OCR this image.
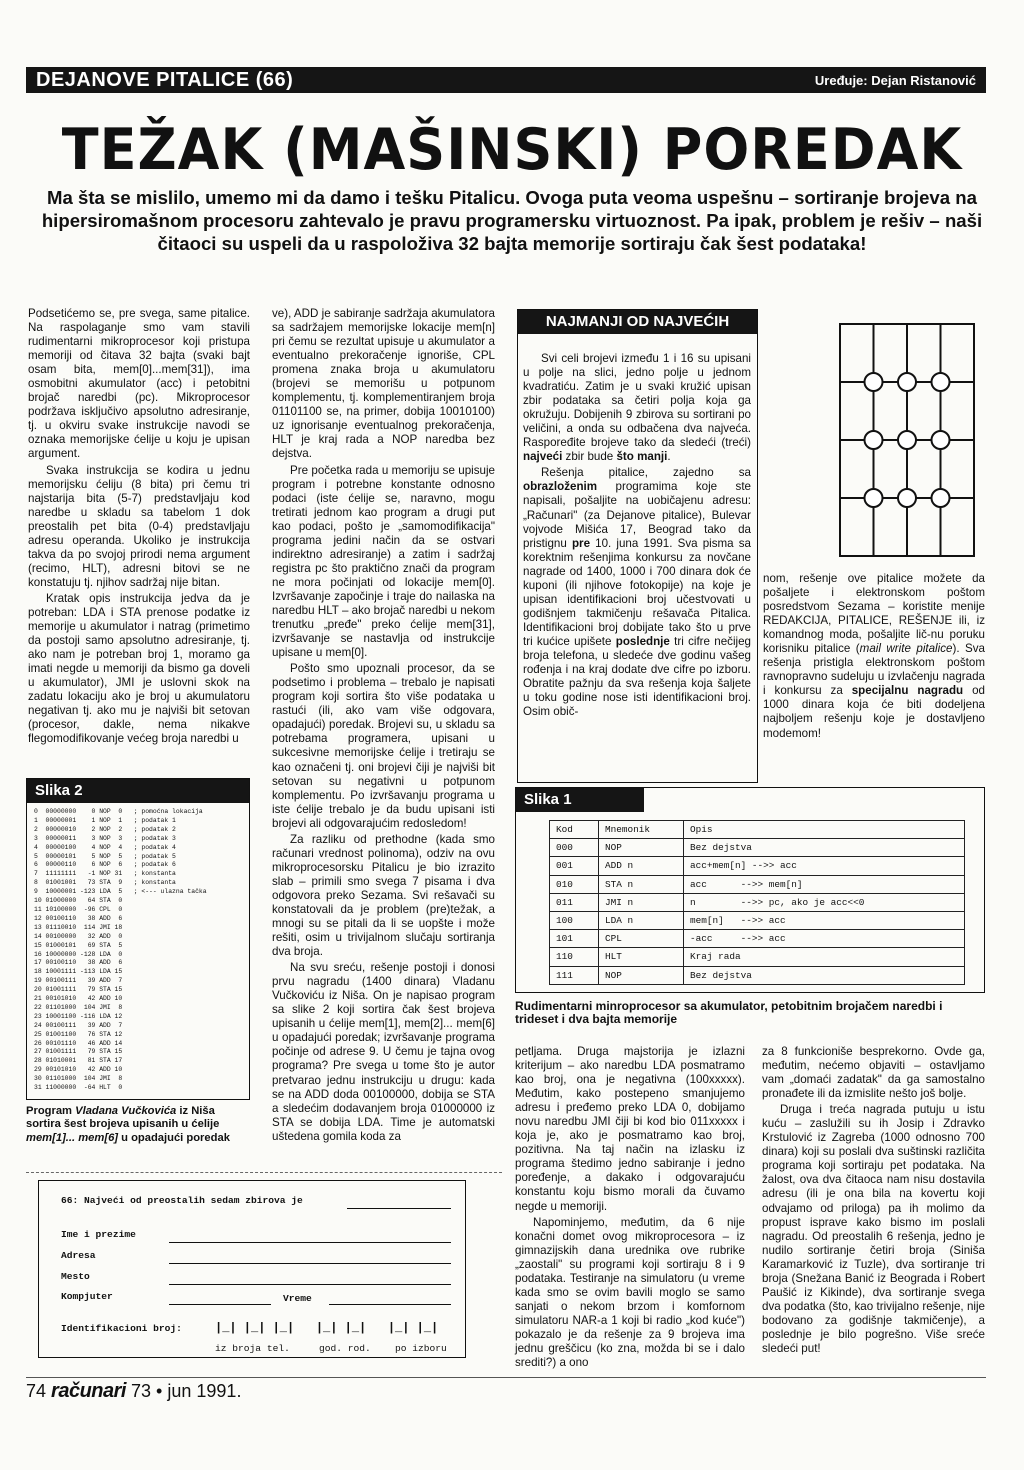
DEJANOVE PITALICE (66)	Uređuje: Dejan Ristanović
TEŽAK (MAŠINSKI) POREDAK
Ma šta se mislilo, umemo mi da damo i tešku Pitalicu. Ovoga puta veoma uspešnu – sortiranje brojeva na hipersiromašnom procesoru zahtevalo je pravu programersku virtuoznost. Pa ipak, problem je rešiv – naši čitaoci su uspeli da u raspoloživa 32 bajta memorije sortiraju čak šest podataka!

Podsetićemo se, pre svega, same pitalice. Na raspolaganje smo vam stavili rudimentarni mikroprocesor koji pristupa memoriji od čitava 32 bajta (svaki bajt osam bita, mem[0]...mem[31]), ima osmobitni akumulator (acc) i petobitni brojač naredbi (pc). Mikroprocesor podržava isključivo apsolutno adresiranje, tj. u okviru svake instrukcije navodi se oznaka memorijske ćelije u koju je upisan argument.

Svaka instrukcija se kodira u jednu memorijsku ćeliju (8 bita) pri čemu tri najstarija bita (5-7) predstavljaju kod naredbe u skladu sa tabelom 1 dok preostalih pet bita (0-4) predstavljaju adresu operanda. Ukoliko je instrukcija takva da po svojoj prirodi nema argument (recimo, HLT), adresni bitovi se ne konstatuju tj. njihov sadržaj nije bitan.

Kratak opis instrukcija jedva da je potreban: LDA i STA prenose podatke iz memorije u akumulator i natrag (primetimo da postoji samo apsolutno adresiranje, tj. ako nam je potreban broj 1, moramo ga imati negde u memoriji da bismo ga doveli u akumulator), JMI je uslovni skok na zadatu lokaciju ako je broj u akumulatoru negativan tj. ako mu je najviši bit setovan (procesor, dakle, nema nikakve flegomodifikovanje većeg broja naredbi u

Slika 2
0  00000000    0 NOP  0   ; pomoćna lokacija
1  00000001    1 NOP  1   ; podatak 1
2  00000010    2 NOP  2   ; podatak 2
3  00000011    3 NOP  3   ; podatak 3
4  00000100    4 NOP  4   ; podatak 4
5  00000101    5 NOP  5   ; podatak 5
6  00000110    6 NOP  6   ; podatak 6
7  11111111   -1 NOP 31   ; konstanta
8  01001001   73 STA  9   ; konstanta
9  10000001 -123 LDA  5   ; <--- ulazna tačka
10 01000000   64 STA  0
11 10100000  -96 CPL  0
12 00100110   38 ADD  6
13 01110010  114 JMI 18
14 00100000   32 ADD  0
15 01000101   69 STA  5
16 10000000 -128 LDA  0
17 00100110   38 ADD  6
18 10001111 -113 LDA 15
19 00100111   39 ADD  7
20 01001111   79 STA 15
21 00101010   42 ADD 10
22 01101000  104 JMI  8
23 10001100 -116 LDA 12
24 00100111   39 ADD  7
25 01001100   76 STA 12
26 00101110   46 ADD 14
27 01001111   79 STA 15
28 01010001   81 STA 17
29 00101010   42 ADD 10
30 01101000  104 JMI  8
31 11000000  -64 HLT  0
Program Vladana Vučkovića iz Niša sortira šest brojeva upisanih u ćelije mem[1]... mem[6] u opadajući poredak

ve), ADD je sabiranje sadržaja akumulatora sa sadržajem memorijske lokacije mem[n] pri čemu se rezultat upisuje u akumulator a eventualno prekoračenje ignoriše, CPL promena znaka broja u akumulatoru (brojevi se memorišu u potpunom komplementu, tj. komplementiranjem broja 01101100 se, na primer, dobija 10010100) uz ignorisanje eventualnog prekoračenja, HLT je kraj rada a NOP naredba bez dejstva.

Pre početka rada u memoriju se upisuje program i potrebne konstante odnosno podaci (iste ćelije se, naravno, mogu tretirati jednom kao program a drugi put kao podaci, pošto je „samomodifikacija" programa jedini način da se ostvari indirektno adresiranje) a zatim i sadržaj registra pc što praktično znači da program ne mora počinjati od lokacije mem[0]. Izvršavanje započinje i traje do nailaska na naredbu HLT – ako brojač naredbi u nekom trenutku „pređe" preko ćelije mem[31], izvršavanje se nastavlja od instrukcije upisane u mem[0].

Pošto smo upoznali procesor, da se podsetimo i problema – trebalo je napisati program koji sortira što više podataka u rastući (ili, ako vam više odgovara, opadajući) poredak. Brojevi su, u skladu sa potrebama programera, upisani u sukcesivne memorijske ćelije i tretiraju se kao označeni tj. oni brojevi čiji je najviši bit setovan su negativni u potpunom komplementu. Po izvršavanju programa u iste ćelije trebalo je da budu upisani isti brojevi ali odgovarajućim redosledom!

Za razliku od prethodne (kada smo računari vrednost polinoma), odziv na ovu mikroprocesorsku Pitalicu je bio izrazito slab – primili smo svega 7 pisama i dva odgovora preko Sezama. Svi rešavači su konstatovali da je problem (pre)težak, a mnogi su se pitali da li se uopšte i može rešiti, osim u trivijalnom slučaju sortiranja dva broja.

Na svu sreću, rešenje postoji i donosi prvu nagradu (1400 dinara) Vladanu Vučkoviću iz Niša. On je napisao program sa slike 2 koji sortira čak šest brojeva upisanih u ćelije mem[1], mem[2]... mem[6] u opadajući poredak; izvršavanje programa počinje od adrese 9. U čemu je tajna ovog programa? Pre svega u tome što je autor pretvarao jednu instrukciju u drugu: kada se na ADD doda 00100000, dobija se STA a sledećim dodavanjem broja 01000000 iz STA se dobija LDA. Time je automatski uštedena gomila koda za

NAJMANJI OD NAJVEĆIH

Svi celi brojevi između 1 i 16 su upisani u polje na slici, jedno polje u jednom kvadratiću. Zatim je u svaki kružić upisan zbir podataka sa četiri polja koja ga okružuju. Dobijenih 9 zbirova su sortirani po veličini, a onda su odbačena dva najveća. Raspoređite brojeve tako da sledeći (treći) najveći zbir bude što manji.

Rešenja pitalice, zajedno sa obrazloženim programima koje ste napisali, pošaljite na uobičajenu adresu: „Računari" (za Dejanove pitalice), Bulevar vojvode Mišića 17, Beograd tako da pristignu pre 10. juna 1991. Sva pisma sa korektnim rešenjima konkursu za novčane nagrade od 1400, 1000 i 700 dinara dok će kuponi (ili njihove fotokopije) na koje je upisan identifikacioni broj učestvovati u godišnjem takmičenju rešavača Pitalica. Identifikacioni broj dobijate tako što u prve tri kućice upišete poslednje tri cifre nečijeg broja telefona, u sledeće dve godinu vašeg rođenja i na kraj dodate dve cifre po izboru. Obratite pažnju da sva rešenja koja šaljete u toku godine nose isti identifikacioni broj. Osim obič-

nom, rešenje ove pitalice možete da pošaljete i elektronskom poštom posredstvom Sezama – koristite menije REDAKCIJA, PITALICE, REŠENJE ili, iz komandnog moda, pošaljite lič-nu poruku korisniku pitalice (mail write pitalice). Sva rešenja pristigla elektronskom poštom ravnopravno sudeluju u izvlačenju nagrada i konkursu za specijalnu nagradu od 1000 dinara koja će biti dodeljena najboljem rešenju koje je dostavljeno modemom!

Slika 1
Kod	Mnemonik	Opis
000	NOP	Bez dejstva
001	ADD n	acc+mem[n] -->> acc
010	STA n	acc      -->> mem[n]
011	JMI n	n        -->> pc, ako je acc<<0
100	LDA n	mem[n]   -->> acc
101	CPL	-acc     -->> acc
110	HLT	Kraj rada
111	NOP	Bez dejstva
Rudimentarni minroprocesor sa akumulator, petobitnim brojačem naredbi i trideset i dva bajta memorije

petljama. Druga majstorija je izlazni kriterijum – ako naredbu LDA posmatramo kao broj, ona je negativna (100xxxxx). Međutim, kako postepeno smanjujemo adresu i pređemo preko LDA 0, dobijamo novu naredbu JMI čiji bi kod bio 011xxxxx i koja je, ako je posmatramo kao broj, pozitivna. Na taj način na izlasku iz programa štedimo jedno sabiranje i jedno poređenje, a dakako i odgovarajuću konstantu koju bismo morali da čuvamo negde u memoriji.

Napominjemo, međutim, da 6 nije konačni domet ovog mikroprocesora – iz gimnazijskih dana urednika ove rubrike „zaostali" su programi koji sortiraju 8 i 9 podataka. Testiranje na simulatoru (u vreme kada smo se ovim bavili moglo se samo sanjati o nekom brzom i komfornom simulatoru NAR-a 1 koji bi radio „kod kuće") pokazalo je da rešenje za 9 brojeva ima jednu greščicu (ko zna, možda bi se i dalo srediti?) a ono

za 8 funkcioniše besprekorno. Ovde ga, međutim, nećemo objaviti – ostavljamo vam „domaći zadatak" da ga samostalno pronađete ili da izmislite nešto još bolje.

Druga i treća nagrada putuju u istu kuću – zaslužili su ih Josip i Zdravko Krstulović iz Zagreba (1000 odnosno 700 dinara) koji su poslali dva suštinski različita programa koji sortiraju pet podataka. Na žalost, ova dva čitaoca nam nisu dostavila adresu (ili je ona bila na kovertu koji odvajamo od priloga) pa ih molimo da propust isprave kako bismo im poslali nagradu. Od preostalih 6 rešenja, jedno je nudilo sortiranje četiri broja (Siniša Karamarković iz Tuzle), dva sortiranje tri broja (Snežana Banić iz Beograda i Robert Paušić iz Kikinde), dva sortiranje svega dva podatka (što, kao trivijalno rešenje, nije bodovano za godišnje takmičenje), a poslednje je bilo pogrešno. Više sreće sledeći put!

66: Najveći od preostalih sedam zbirova je
Ime i prezime
Adresa
Mesto
Kompjuter	Vreme
Identifikacioni broj:	|_| |_| |_|   |_| |_|   |_| |_|
iz broja tel.	god. rod.	po izboru
74 računari 73 • jun 1991.
